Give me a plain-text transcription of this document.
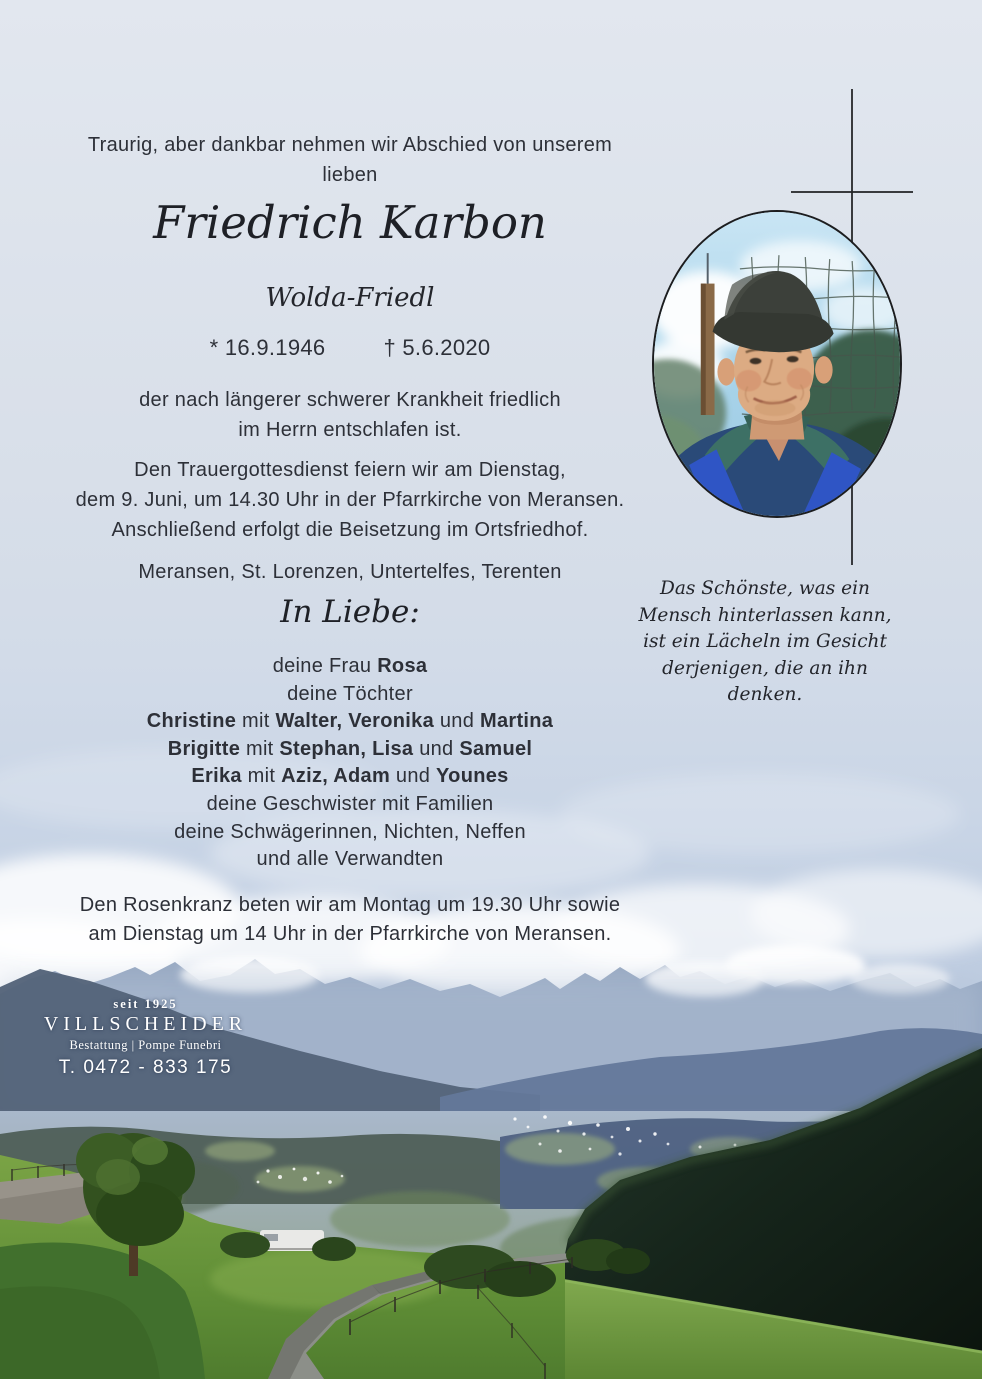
Traurig, aber dankbar nehmen wir Abschied von unserem
lieben
Friedrich Karbon
Wolda-Friedl
* 16.9.1946	† 5.6.2020
der nach längerer schwerer Krankheit friedlich
im Herrn entschlafen ist.
Den Trauergottesdienst feiern wir am Dienstag,
dem 9. Juni, um 14.30 Uhr in der Pfarrkirche von Meransen.
Anschließend erfolgt die Beisetzung im Ortsfriedhof.
Meransen, St. Lorenzen, Untertelfes, Terenten
In Liebe:
deine Frau Rosa
deine Töchter
Christine mit Walter, Veronika und Martina
Brigitte mit Stephan, Lisa und Samuel
Erika mit Aziz, Adam und Younes
deine Geschwister mit Familien
deine Schwägerinnen, Nichten, Neffen
und alle Verwandten
Den Rosenkranz beten wir am Montag um 19.30 Uhr sowie
am Dienstag um 14 Uhr in der Pfarrkirche von Meransen.
Das Schönste, was ein
Mensch hinterlassen kann,
ist ein Lächeln im Gesicht
derjenigen, die an ihn
denken.
seit 1925
VILLSCHEIDER
Bestattung | Pompe Funebri
T. 0472 - 833 175
